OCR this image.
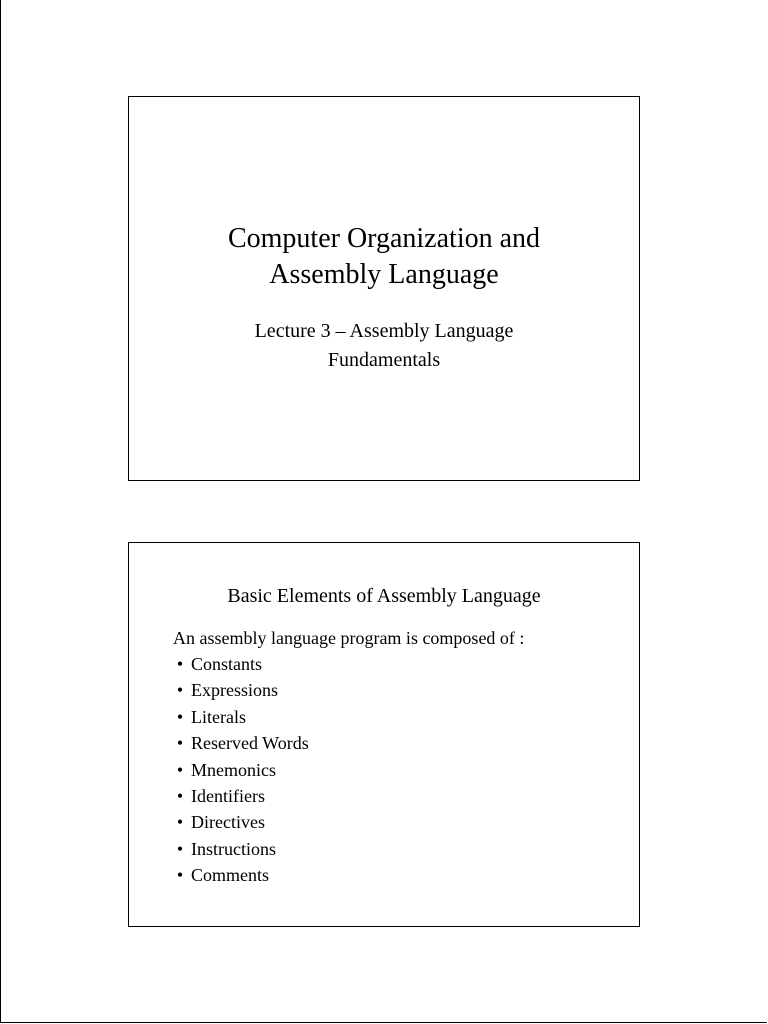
Computer Organization and
Assembly Language
Lecture 3 – Assembly Language
Fundamentals
Basic Elements of Assembly Language
An assembly language program is composed of :
• Constants
• Expressions
• Literals
• Reserved Words
• Mnemonics
• Identifiers
• Directives
• Instructions
• Comments
